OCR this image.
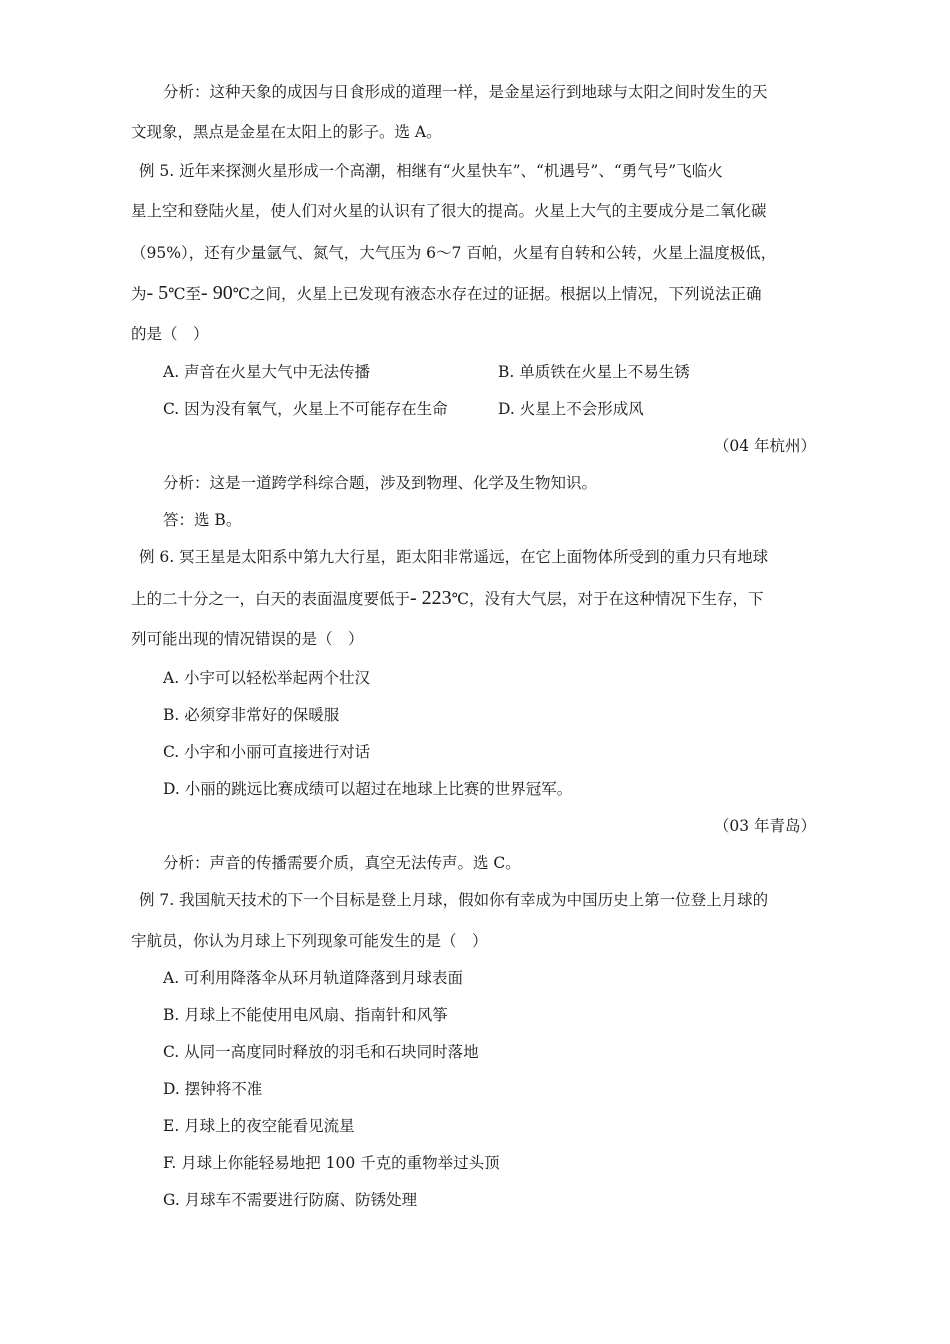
分析：这种天象的成因与日食形成的道理一样，是金星运行到地球与太阳之间时发生的天
文现象，黑点是金星在太阳上的影子。选 A。
例 5. 近年来探测火星形成一个高潮，相继有“火星快车”、“机遇号”、“勇气号”飞临火
星上空和登陆火星，使人们对火星的认识有了很大的提高。火星上大气的主要成分是二氧化碳
（95%），还有少量氩气、氮气，大气压为 6～7 百帕，火星有自转和公转，火星上温度极低，
为- 5℃至- 90℃之间，火星上已发现有液态水存在过的证据。根据以上情况，下列说法正确
的是（　）
A. 声音在火星大气中无法传播	B. 单质铁在火星上不易生锈
C. 因为没有氧气，火星上不可能存在生命	D. 火星上不会形成风
（04 年杭州）
分析：这是一道跨学科综合题，涉及到物理、化学及生物知识。
答：选 B。
例 6. 冥王星是太阳系中第九大行星，距太阳非常遥远，在它上面物体所受到的重力只有地球
上的二十分之一，白天的表面温度要低于- 223℃，没有大气层，对于在这种情况下生存，下
列可能出现的情况错误的是（　）
A. 小宇可以轻松举起两个壮汉
B. 必须穿非常好的保暖服
C. 小宇和小丽可直接进行对话
D. 小丽的跳远比赛成绩可以超过在地球上比赛的世界冠军。
（03 年青岛）
分析：声音的传播需要介质，真空无法传声。选 C。
例 7. 我国航天技术的下一个目标是登上月球，假如你有幸成为中国历史上第一位登上月球的
宇航员，你认为月球上下列现象可能发生的是（　）
A. 可利用降落伞从环月轨道降落到月球表面
B. 月球上不能使用电风扇、指南针和风筝
C. 从同一高度同时释放的羽毛和石块同时落地
D. 摆钟将不准
E. 月球上的夜空能看见流星
F. 月球上你能轻易地把 100 千克的重物举过头顶
G. 月球车不需要进行防腐、防锈处理
